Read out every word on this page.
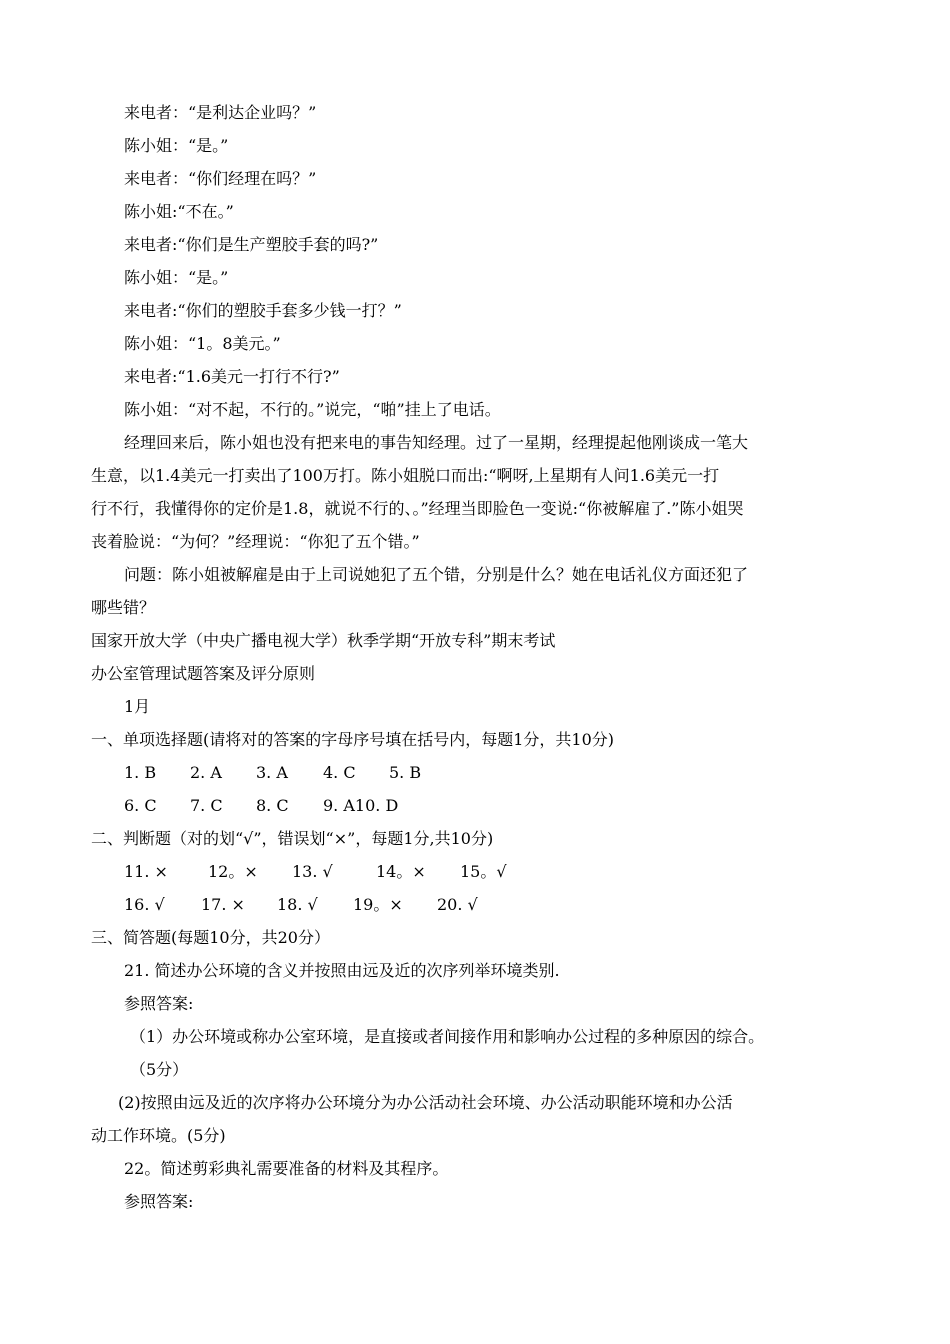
来电者：“是利达企业吗？”
陈小姐：“是。”
来电者：“你们经理在吗？”
陈小姐:“不在。”
来电者:“你们是生产塑胶手套的吗?”
陈小姐：“是。”
来电者:“你们的塑胶手套多少钱一打？”
陈小姐：“1。8美元。”
来电者:“1.6美元一打行不行?”
陈小姐：“对不起，不行的。”说完，“啪”挂上了电话。
经理回来后，陈小姐也没有把来电的事告知经理。过了一星期，经理提起他刚谈成一笔大
生意，以1.4美元一打卖出了100万打。陈小姐脱口而出:“啊呀,上星期有人问1.6美元一打
行不行，我懂得你的定价是1.8，就说不行的、。”经理当即脸色一变说:“你被解雇了.”陈小姐哭
丧着脸说：“为何？”经理说：“你犯了五个错。”
问题：陈小姐被解雇是由于上司说她犯了五个错，分别是什么？她在电话礼仪方面还犯了
哪些错？
国家开放大学（中央广播电视大学）秋季学期“开放专科”期末考试
办公室管理试题答案及评分原则
1月
一、单项选择题(请将对的答案的字母序号填在括号内，每题1分，共10分)
1. B 2. A 3. A 4. C 5. B
6. C 7. C 8. C 9. A10. D
二、判断题（对的划“√”，错误划“×”，每题1分,共10分)
11. ×	12。× 13. √	14。× 15。√
16. √ 17. × 18. √ 19。× 20. √
三、简答题(每题10分，共20分）
21. 简述办公环境的含义并按照由远及近的次序列举环境类别.
参照答案:
（1）办公环境或称办公室环境，是直接或者间接作用和影响办公过程的多种原因的综合。
（5分）
(2)按照由远及近的次序将办公环境分为办公活动社会环境、办公活动职能环境和办公活
动工作环境。(5分)
22。简述剪彩典礼需要准备的材料及其程序。
参照答案:
